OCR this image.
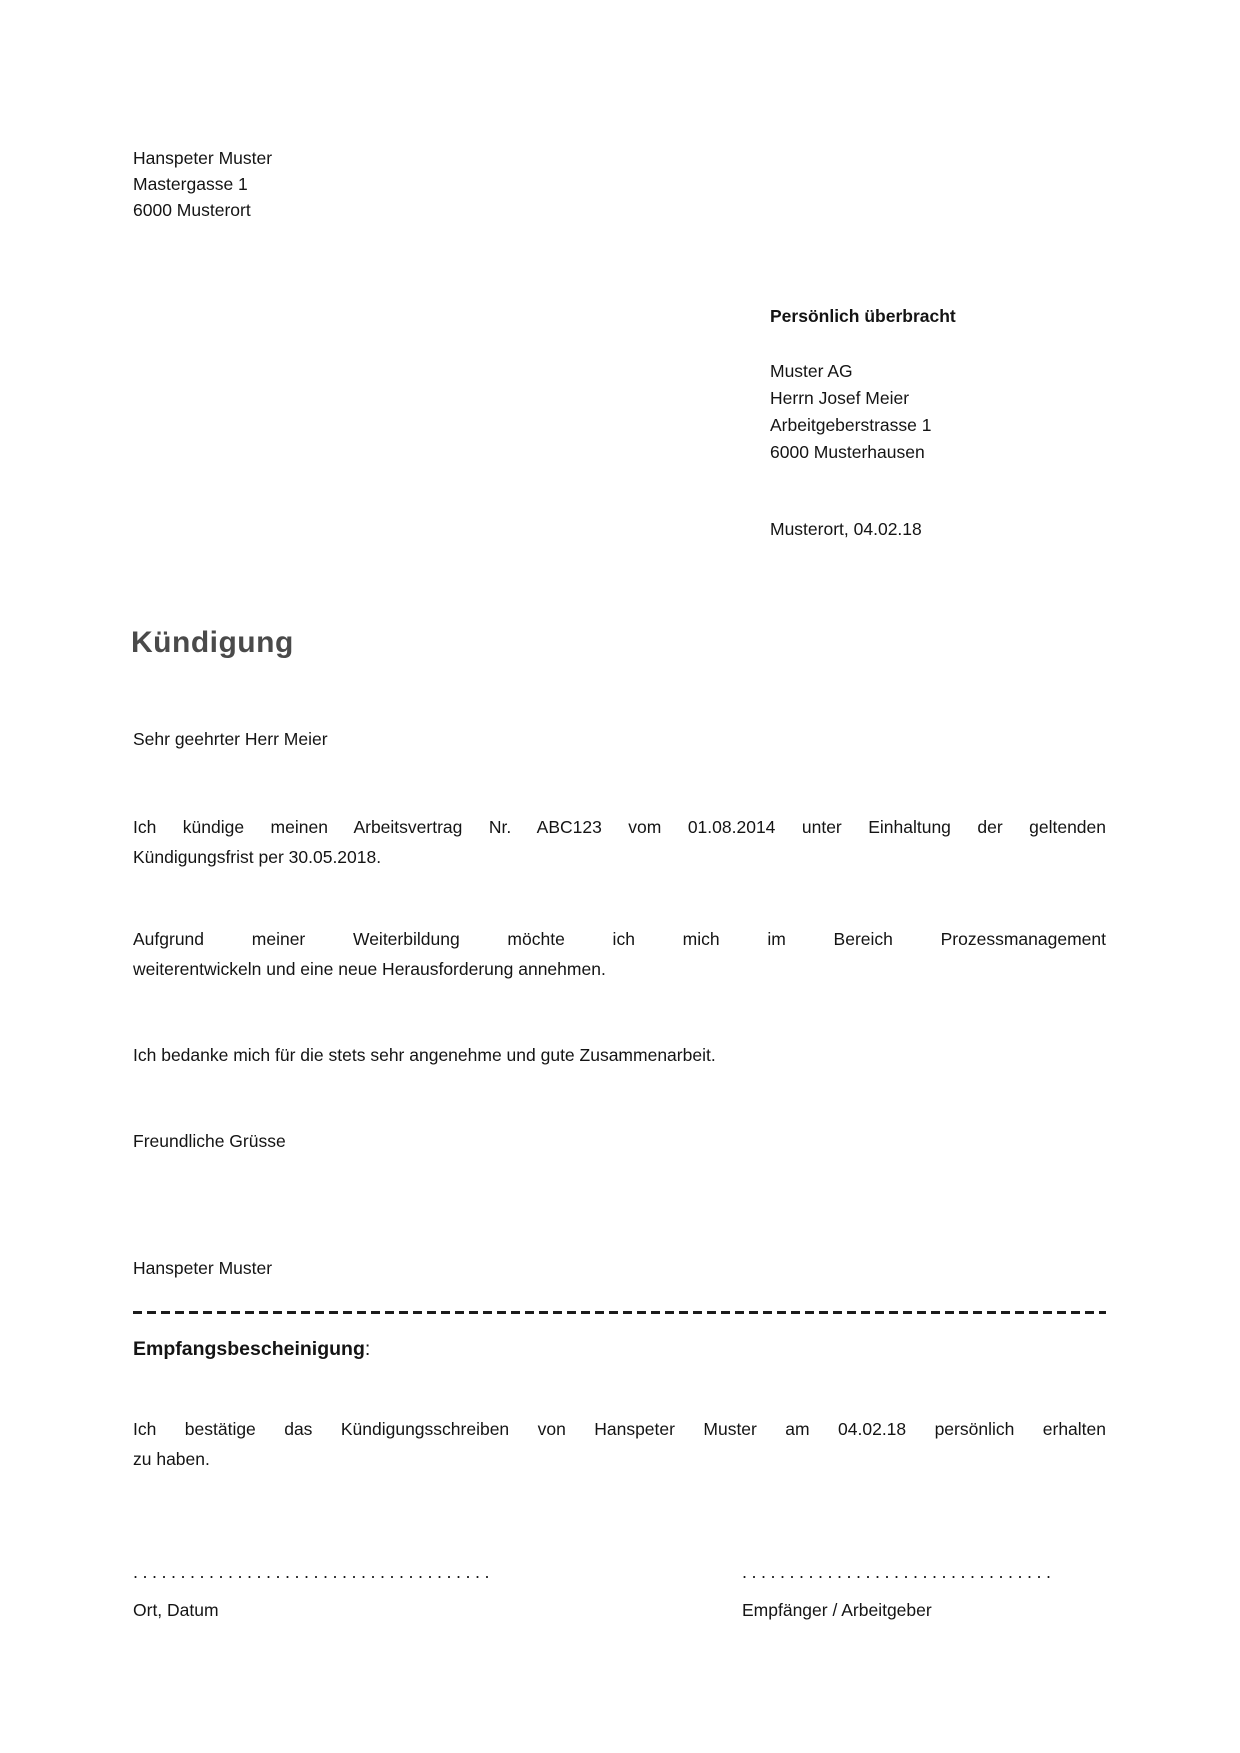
Hanspeter Muster
Mastergasse 1
6000 Musterort
Persönlich überbracht
Muster AG
Herrn Josef Meier
Arbeitgeberstrasse 1
6000 Musterhausen
Musterort, 04.02.18
Kündigung
Sehr geehrter Herr Meier
Ich kündige meinen Arbeitsvertrag Nr. ABC123 vom 01.08.2014 unter Einhaltung der geltenden
Kündigungsfrist per 30.05.2018.
Aufgrund meiner Weiterbildung möchte ich mich im Bereich Prozessmanagement
weiterentwickeln und eine neue Herausforderung annehmen.
Ich bedanke mich für die stets sehr angenehme und gute Zusammenarbeit.
Freundliche Grüsse
Hanspeter Muster
Empfangsbescheinigung:
Ich bestätige das Kündigungsschreiben von Hanspeter Muster am 04.02.18 persönlich erhalten
zu haben.
......................................	.................................
Ort, Datum	Empfänger / Arbeitgeber
